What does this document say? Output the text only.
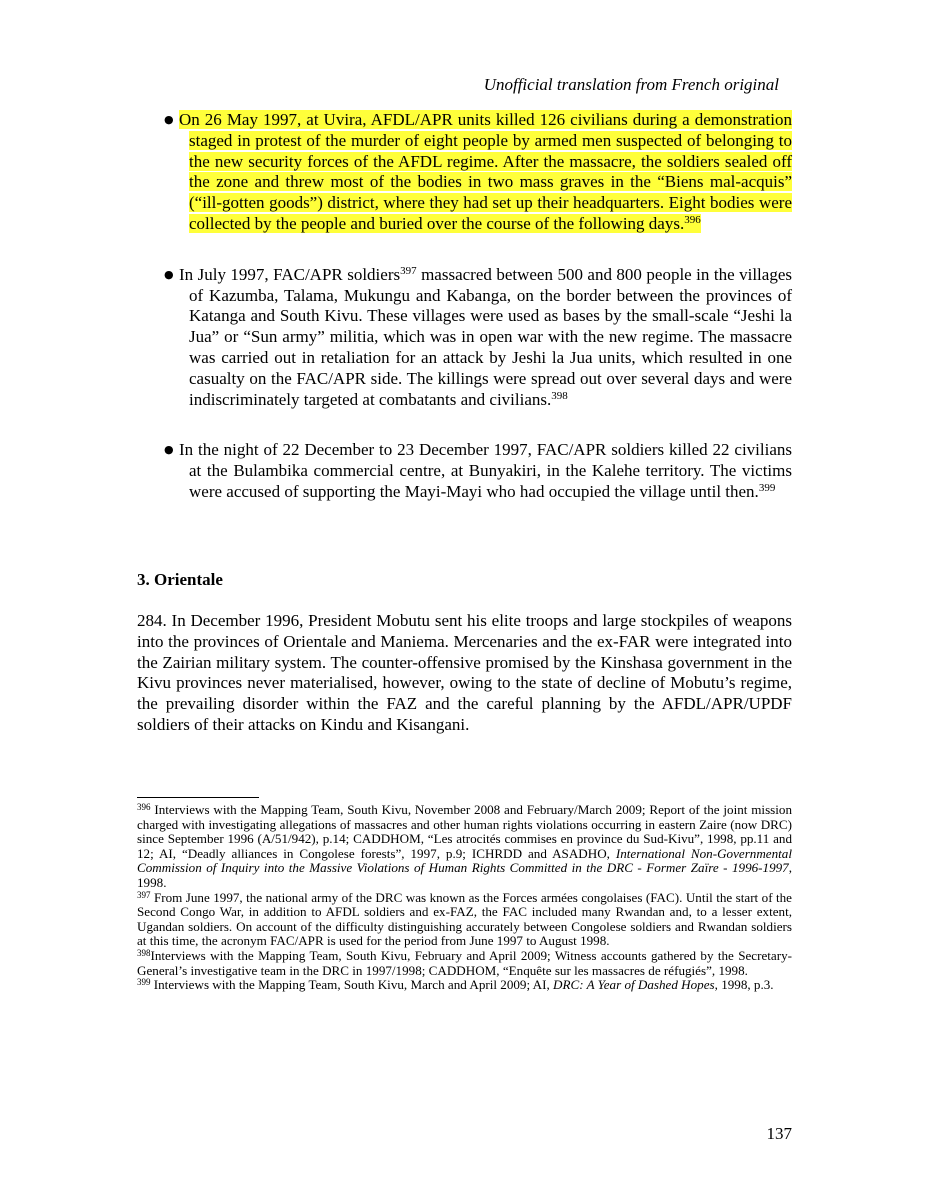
Unofficial translation from French original
● On 26 May 1997, at Uvira, AFDL/APR units killed 126 civilians during a demonstration staged in protest of the murder of eight people by armed men suspected of belonging to the new security forces of the AFDL regime. After the massacre, the soldiers sealed off the zone and threw most of the bodies in two mass graves in the “Biens mal-acquis” (“ill-gotten goods”) district, where they had set up their headquarters. Eight bodies were collected by the people and buried over the course of the following days.$^{396}$
● In July 1997, FAC/APR soldiers$^{397}$ massacred between 500 and 800 people in the villages of Kazumba, Talama, Mukungu and Kabanga, on the border between the provinces of Katanga and South Kivu. These villages were used as bases by the small-scale “Jeshi la Jua” or “Sun army” militia, which was in open war with the new regime. The massacre was carried out in retaliation for an attack by Jeshi la Jua units, which resulted in one casualty on the FAC/APR side. The killings were spread out over several days and were indiscriminately targeted at combatants and civilians.$^{398}$
● In the night of 22 December to 23 December 1997, FAC/APR soldiers killed 22 civilians at the Bulambika commercial centre, at Bunyakiri, in the Kalehe territory. The victims were accused of supporting the Mayi-Mayi who had occupied the village until then.$^{399}$
3. Orientale

284. In December 1996, President Mobutu sent his elite troops and large stockpiles of weapons into the provinces of Orientale and Maniema. Mercenaries and the ex-FAR were integrated into the Zairian military system. The counter-offensive promised by the Kinshasa government in the Kivu provinces never materialised, however, owing to the state of decline of Mobutu’s regime, the prevailing disorder within the FAZ and the careful planning by the AFDL/APR/UPDF soldiers of their attacks on Kindu and Kisangani.

$^{396}$ Interviews with the Mapping Team, South Kivu, November 2008 and February/March 2009; Report of the joint mission charged with investigating allegations of massacres and other human rights violations occurring in eastern Zaire (now DRC) since September 1996 (A/51/942), p.14; CADDHOM, “Les atrocités commises en province du Sud-Kivu”, 1998, pp.11 and 12; AI, “Deadly alliances in Congolese forests”, 1997, p.9; ICHRDD and ASADHO, International Non-Governmental Commission of Inquiry into the Massive Violations of Human Rights Committed in the DRC - Former Zaïre - 1996-1997, 1998.
$^{397}$ From June 1997, the national army of the DRC was known as the Forces armées congolaises (FAC). Until the start of the Second Congo War, in addition to AFDL soldiers and ex-FAZ, the FAC included many Rwandan and, to a lesser extent, Ugandan soldiers. On account of the difficulty distinguishing accurately between Congolese soldiers and Rwandan soldiers at this time, the acronym FAC/APR is used for the period from June 1997 to August 1998.
$^{398}$Interviews with the Mapping Team, South Kivu, February and April 2009; Witness accounts gathered by the Secretary-General’s investigative team in the DRC in 1997/1998; CADDHOM, “Enquête sur les massacres de réfugiés”, 1998.
$^{399}$ Interviews with the Mapping Team, South Kivu, March and April 2009; AI, DRC: A Year of Dashed Hopes, 1998, p.3.
137
